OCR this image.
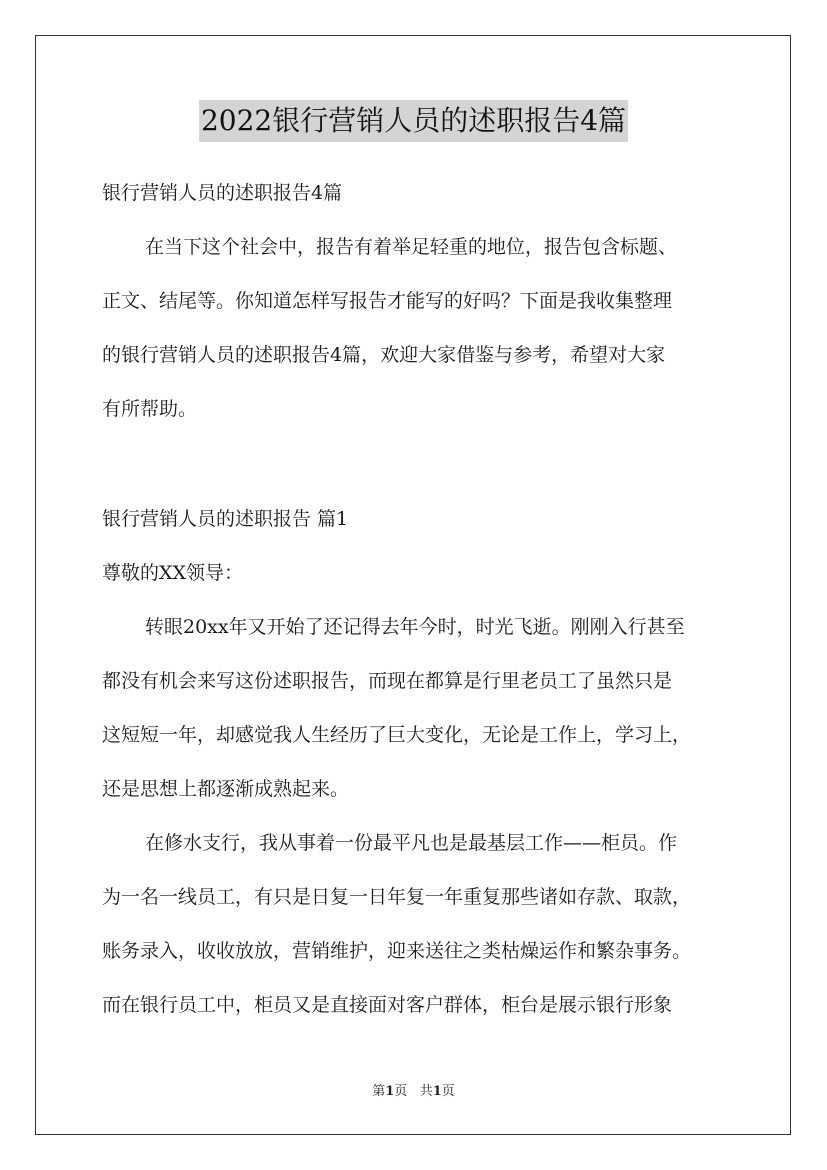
2022银行营销人员的述职报告4篇
银行营销人员的述职报告4篇
在当下这个社会中，报告有着举足轻重的地位，报告包含标题、
正文、结尾等。你知道怎样写报告才能写的好吗？下面是我收集整理
的银行营销人员的述职报告4篇，欢迎大家借鉴与参考，希望对大家
有所帮助。
银行营销人员的述职报告 篇1
尊敬的XX领导：
转眼20xx年又开始了还记得去年今时，时光飞逝。刚刚入行甚至
都没有机会来写这份述职报告，而现在都算是行里老员工了虽然只是
这短短一年，却感觉我人生经历了巨大变化，无论是工作上，学习上，
还是思想上都逐渐成熟起来。
在修水支行，我从事着一份最平凡也是最基层工作——柜员。作
为一名一线员工，有只是日复一日年复一年重复那些诸如存款、取款，
账务录入，收收放放，营销维护，迎来送往之类枯燥运作和繁杂事务。
而在银行员工中，柜员又是直接面对客户群体，柜台是展示银行形象
第1页 共1页
